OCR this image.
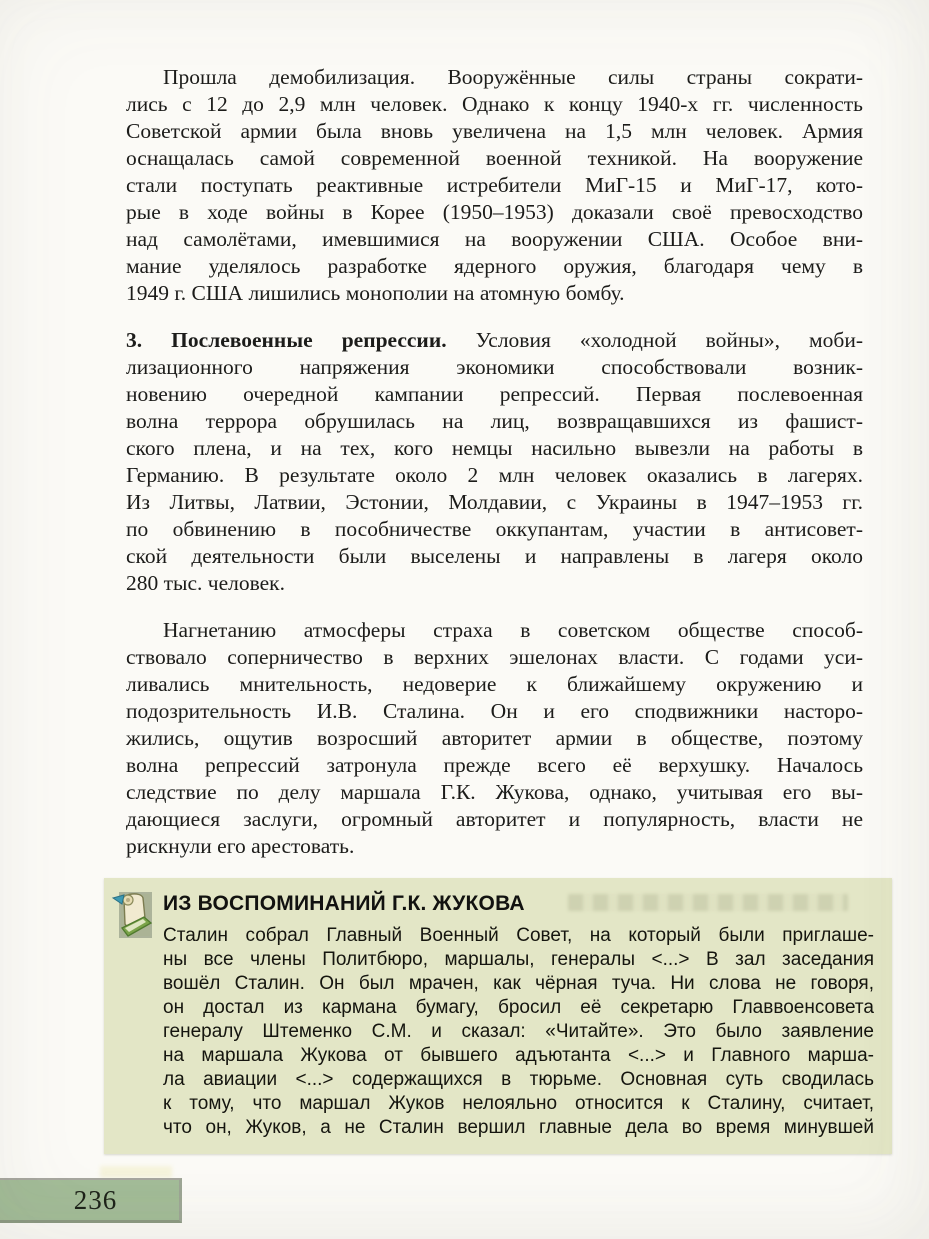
Прошла демобилизация. Вооружённые силы страны сократи-
лись с 12 до 2,9 млн человек. Однако к концу 1940-х гг. численность
Советской армии была вновь увеличена на 1,5 млн человек. Армия
оснащалась самой современной военной техникой. На вооружение
стали поступать реактивные истребители МиГ-15 и МиГ-17, кото-
рые в ходе войны в Корее (1950–1953) доказали своё превосходство
над самолётами, имевшимися на вооружении США. Особое вни-
мание уделялось разработке ядерного оружия, благодаря чему в
1949 г. США лишились монополии на атомную бомбу.

3. Послевоенные репрессии. Условия «холодной войны», моби-
лизационного напряжения экономики способствовали возник-
новению очередной кампании репрессий. Первая послевоенная
волна террора обрушилась на лиц, возвращавшихся из фашист-
ского плена, и на тех, кого немцы насильно вывезли на работы в
Германию. В результате около 2 млн человек оказались в лагерях.
Из Литвы, Латвии, Эстонии, Молдавии, с Украины в 1947–1953 гг.
по обвинению в пособничестве оккупантам, участии в антисовет-
ской деятельности были выселены и направлены в лагеря около
280 тыс. человек.

Нагнетанию атмосферы страха в советском обществе способ-
ствовало соперничество в верхних эшелонах власти. С годами уси-
ливались мнительность, недоверие к ближайшему окружению и
подозрительность И.В. Сталина. Он и его сподвижники насторо-
жились, ощутив возросший авторитет армии в обществе, поэтому
волна репрессий затронула прежде всего её верхушку. Началось
следствие по делу маршала Г.К. Жукова, однако, учитывая его вы-
дающиеся заслуги, огромный авторитет и популярность, власти не
рискнули его арестовать.

ИЗ ВОСПОМИНАНИЙ Г.К. ЖУКОВА
Сталин собрал Главный Военный Совет, на который были приглаше-
ны все члены Политбюро, маршалы, генералы <...> В зал заседания
вошёл Сталин. Он был мрачен, как чёрная туча. Ни слова не говоря,
он достал из кармана бумагу, бросил её секретарю Главвоенсовета
генералу Штеменко С.М. и сказал: «Читайте». Это было заявление
на маршала Жукова от бывшего адъютанта <...> и Главного марша-
ла авиации <...> содержащихся в тюрьме. Основная суть сводилась
к тому, что маршал Жуков нелояльно относится к Сталину, считает,
что он, Жуков, а не Сталин вершил главные дела во время минувшей
236
